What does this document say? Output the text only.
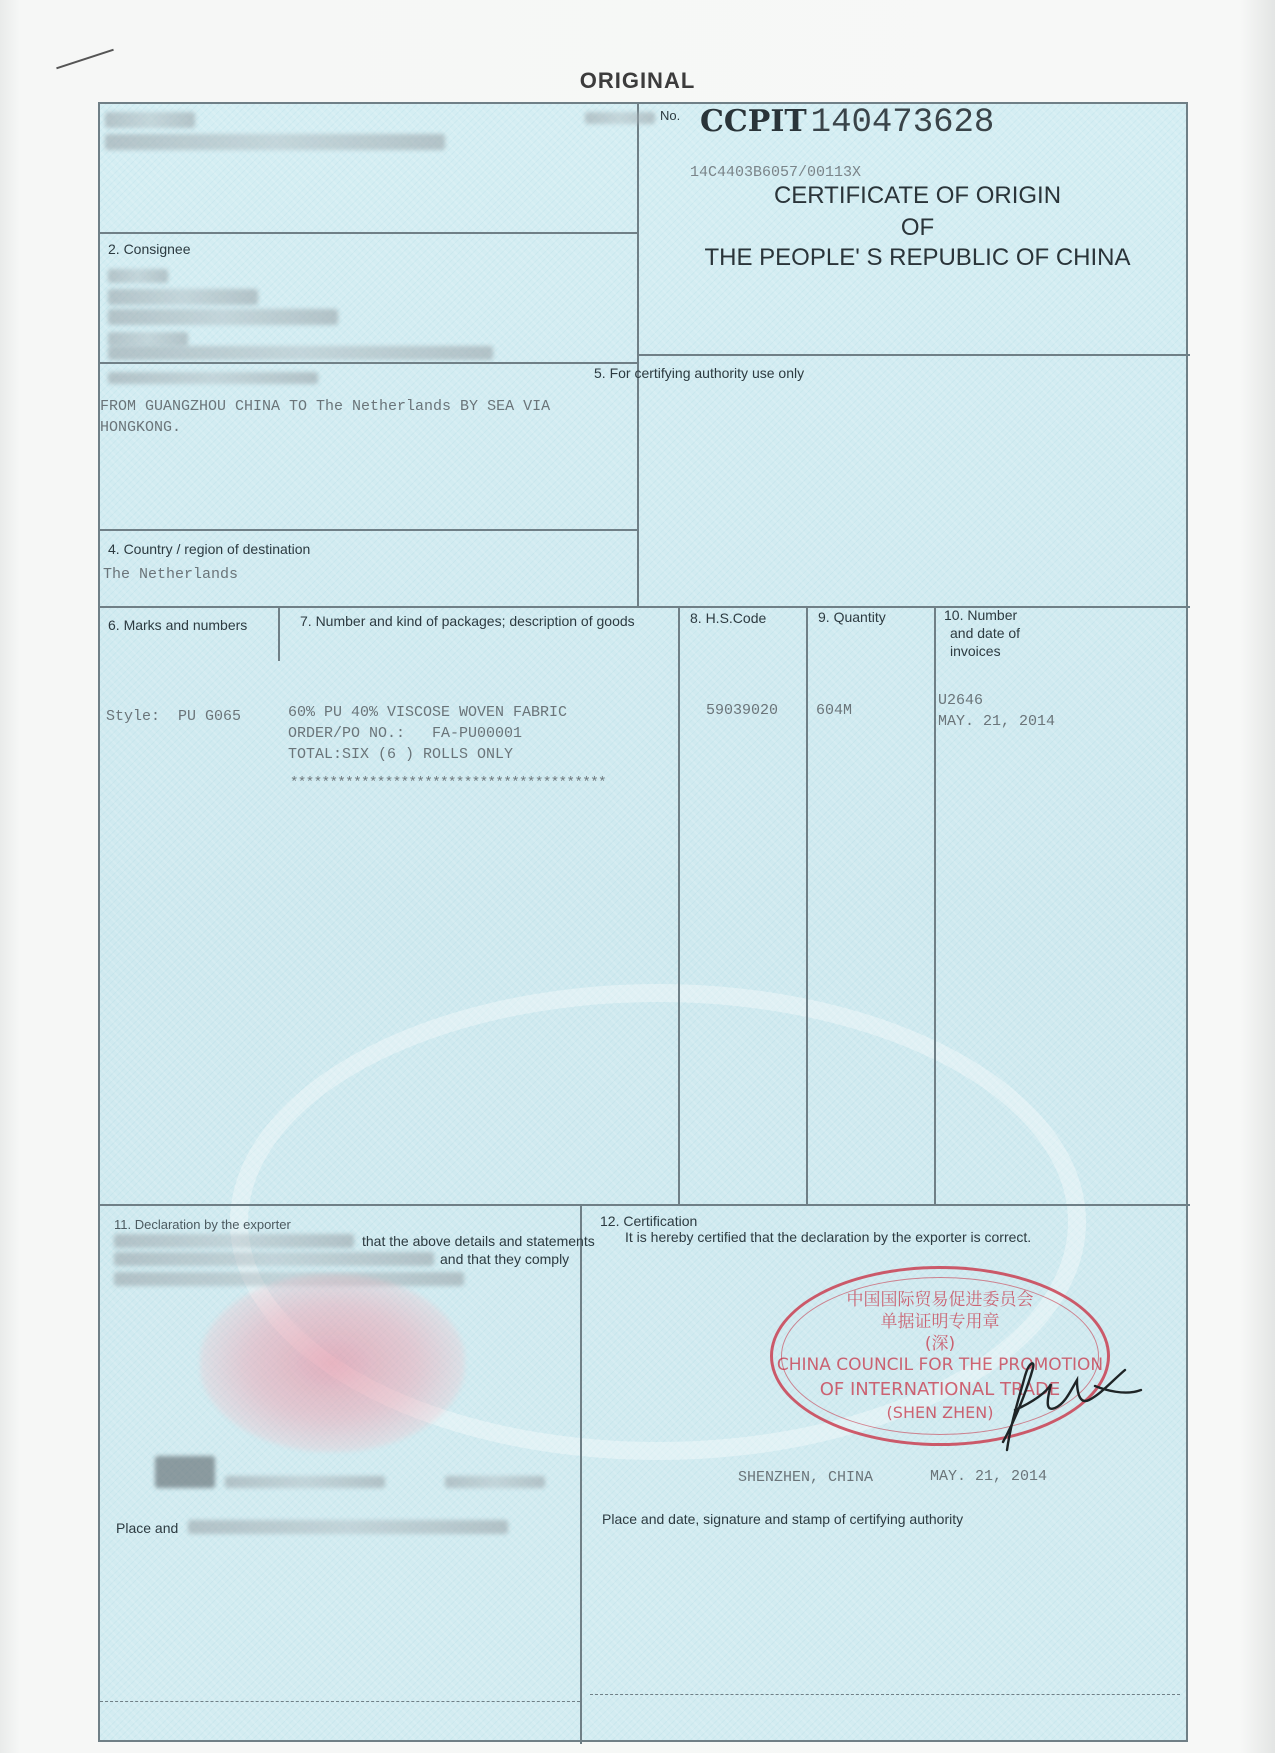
ORIGINAL
No. CCPIT 140473628
14C4403B6057/00113X
CERTIFICATE OF ORIGIN
OF
THE PEOPLE' S REPUBLIC OF CHINA
2. Consignee
FROM GUANGZHOU CHINA TO The Netherlands BY SEA VIA
HONGKONG.
4. Country / region of destination
The Netherlands
5. For certifying authority use only
6. Marks and numbers	7. Number and kind of packages; description of goods	8. H.S.Code	9. Quantity	10. Number
and date of
invoices
Style: PU G065	60% PU 40% VISCOSE WOVEN FABRIC
ORDER/PO NO.:   FA-PU00001
TOTAL:SIX (6 ) ROLLS ONLY
****************************************
59039020	604M
U2646
MAY. 21, 2014
11. Declaration by the exporter
that the above details and statements
and that they comply
Place and
12. Certification
It is hereby certified that the declaration by the exporter is correct.
中国国际贸易促进委员会
单据证明专用章
(深)
CHINA COUNCIL FOR THE PROMOTION
OF INTERNATIONAL TRADE
(SHEN ZHEN)
SHENZHEN, CHINA	MAY. 21, 2014
Place and date, signature and stamp of certifying authority
